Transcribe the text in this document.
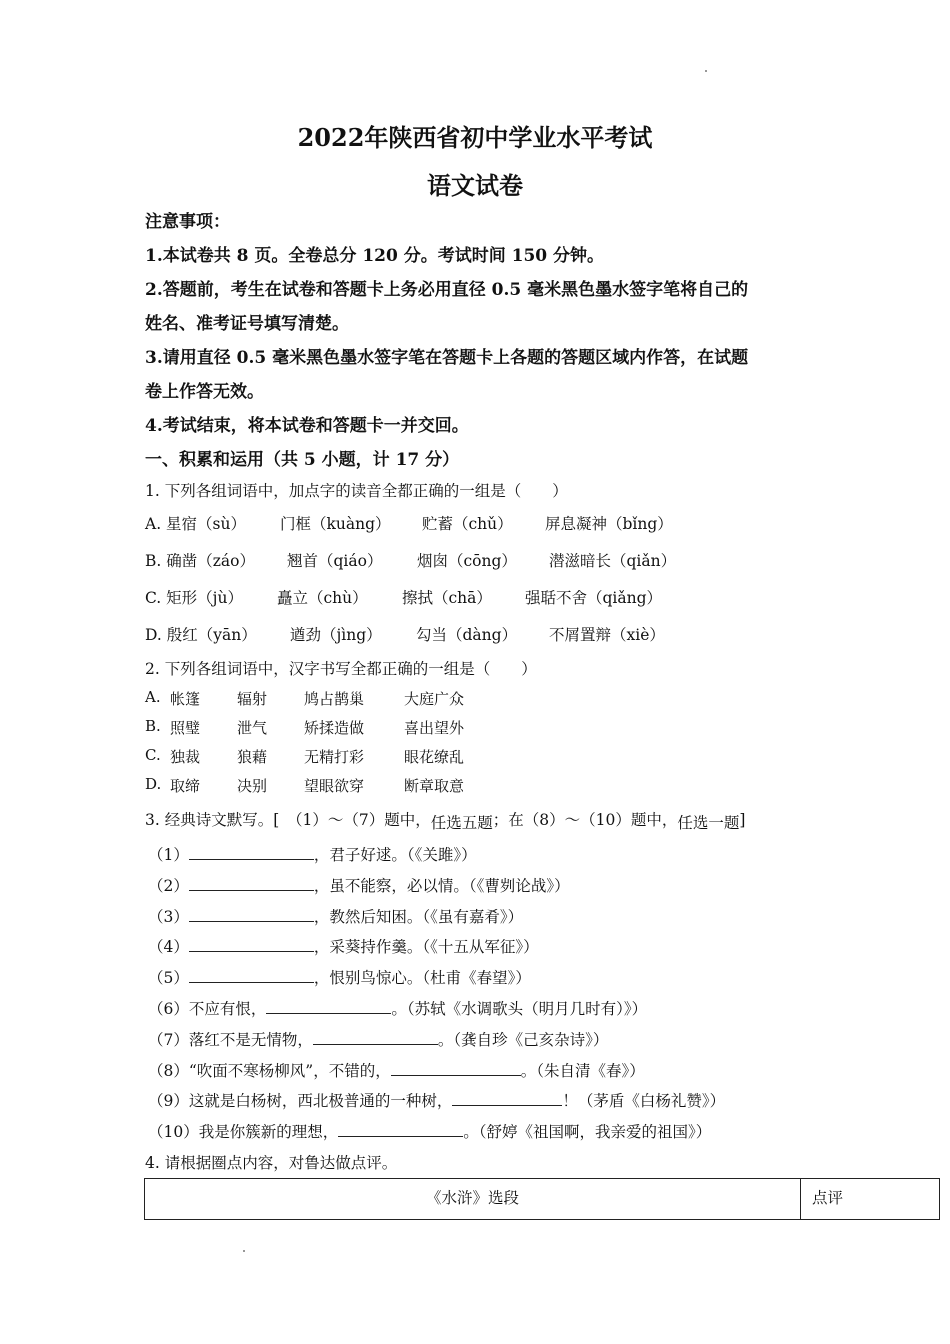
2022年陕西省初中学业水平考试
语文试卷
注意事项：
1.本试卷共 8 页。全卷总分 120 分。考试时间 150 分钟。
2.答题前，考生在试卷和答题卡上务必用直径 0.5 毫米黑色墨水签字笔将自己的
姓名、准考证号填写清楚。
3.请用直径 0.5 毫米黑色墨水签字笔在答题卡上各题的答题区域内作答，在试题
卷上作答无效。
4.考试结束，将本试卷和答题卡一并交回。
一、积累和运用（共 5 小题，计 17 分）
1. 下列各组词语中，加点字的读音全都正确的一组是（　　）
A. 星宿（sù） 门框（kuàng） 贮蓄（chǔ） 屏息凝神（bǐng）
B. 确凿（záo） 翘首（qiáo） 烟囱（cōng） 潜滋暗长（qiǎn）
C. 矩形（jù） 矗立（chù） 擦拭（chā） 强聒不舍（qiǎng）
D. 殷红（yān） 遒劲（jìng） 勾当（dàng） 不屑置辩（xiè）
2. 下列各组词语中，汉字书写全都正确的一组是（　　）
A. 帐篷 辐射 鸠占鹊巢	大庭广众
B. 照璧 泄气 矫揉造做	喜出望外
C. 独裁 狼藉 无精打彩	眼花缭乱
D. 取缔 决别 望眼欲穿	断章取意
3. 经典诗文默写。[　（1）～（7）题中，任选五题；在（8）～（10）题中，任选一题]
（1）	，君子好逑。（《关雎》）
（2）	，虽不能察，必以情。（《曹刿论战》）
（3）	，教然后知困。（《虽有嘉肴》）
（4）	，采葵持作羹。（《十五从军征》）
（5）	，恨别鸟惊心。（杜甫《春望》）
（6）不应有恨，	。（苏轼《水调歌头（明月几时有）》）
（7）落红不是无情物，	。（龚自珍《己亥杂诗》）
（8）“吹面不寒杨柳风”，不错的，	。（朱自清《春》）
（9）这就是白杨树，西北极普通的一种树，	！（茅盾《白杨礼赞》）
（10）我是你簇新的理想，	。（舒婷《祖国啊，我亲爱的祖国》）
4. 请根据圈点内容，对鲁达做点评。
《水浒》选段	点评
